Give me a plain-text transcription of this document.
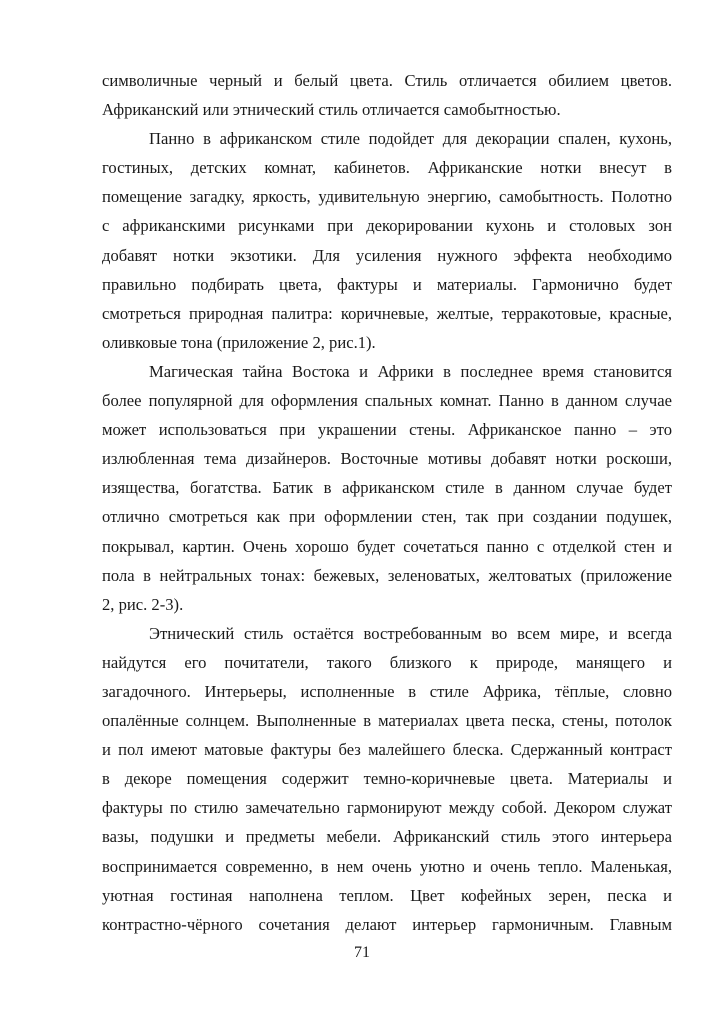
символичные черный и белый цвета. Стиль отличается обилием цветов.
Африканский или этнический стиль отличается самобытностью.
Панно в африканском стиле подойдет для декорации спален, кухонь,
гостиных, детских комнат, кабинетов. Африканские нотки внесут в
помещение загадку, яркость, удивительную энергию, самобытность. Полотно
с африканскими рисунками при декорировании кухонь и столовых зон
добавят нотки экзотики. Для усиления нужного эффекта необходимо
правильно подбирать цвета, фактуры и материалы. Гармонично будет
смотреться природная палитра: коричневые, желтые, терракотовые, красные,
оливковые тона (приложение 2, рис.1).
Магическая тайна Востока и Африки в последнее время становится
более популярной для оформления спальных комнат. Панно в данном случае
может использоваться при украшении стены. Африканское панно – это
излюбленная тема дизайнеров. Восточные мотивы добавят нотки роскоши,
изящества, богатства. Батик в африканском стиле в данном случае будет
отлично смотреться как при оформлении стен, так при создании подушек,
покрывал, картин. Очень хорошо будет сочетаться панно с отделкой стен и
пола в нейтральных тонах: бежевых, зеленоватых, желтоватых (приложение
2, рис. 2-3).
Этнический стиль остаётся востребованным во всем мире, и всегда
найдутся его почитатели, такого близкого к природе, манящего и
загадочного. Интерьеры, исполненные в стиле Африка, тёплые, словно
опалённые солнцем. Выполненные в материалах цвета песка, стены, потолок
и пол имеют матовые фактуры без малейшего блеска. Сдержанный контраст
в декоре помещения содержит темно-коричневые цвета. Материалы и
фактуры по стилю замечательно гармонируют между собой. Декором служат
вазы, подушки и предметы мебели. Африканский стиль этого интерьера
воспринимается современно, в нем очень уютно и очень тепло. Маленькая,
уютная гостиная наполнена теплом. Цвет кофейных зерен, песка и
контрастно-чёрного сочетания делают интерьер гармоничным. Главным
71
